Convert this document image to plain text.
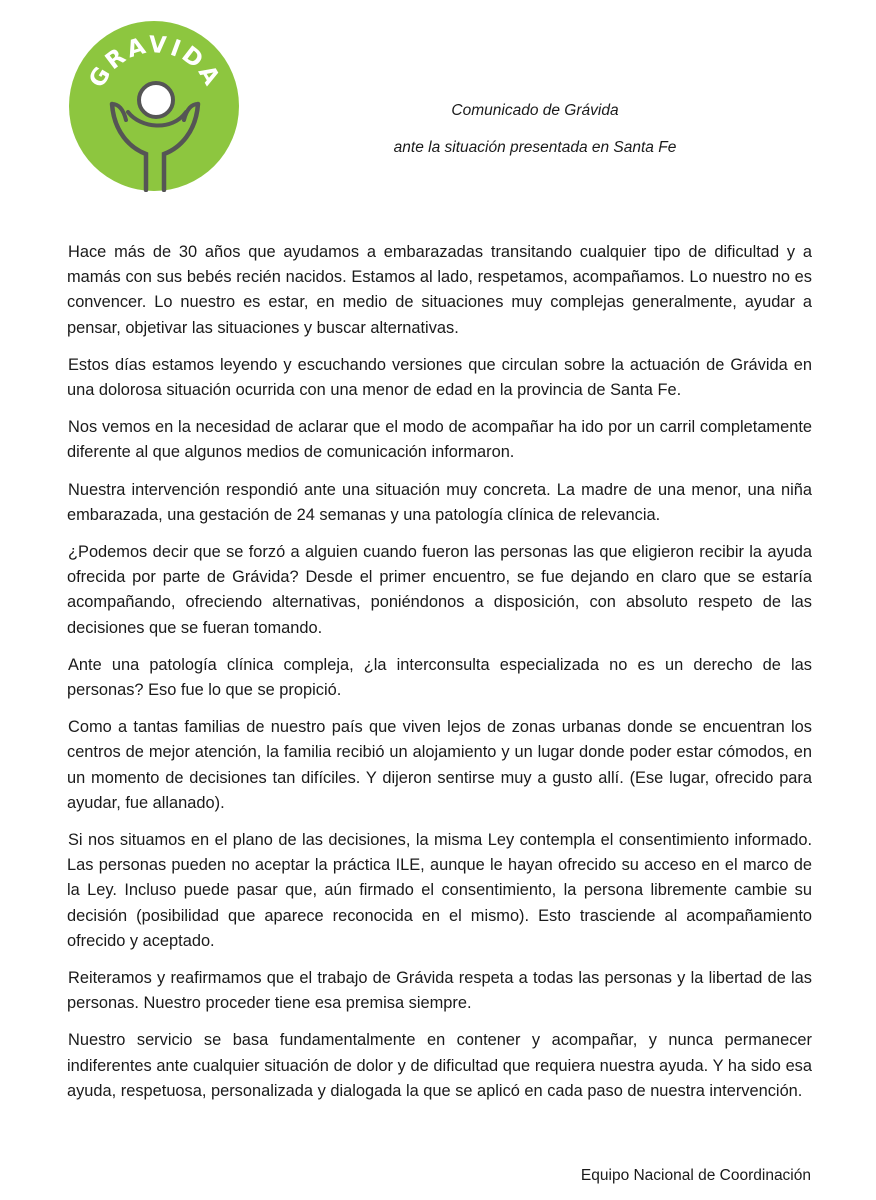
GRAVIDA
Comunicado de Grávida
ante la situación presentada en Santa Fe

Hace más de 30 años que ayudamos a embarazadas transitando cualquier tipo de dificultad y a mamás con sus bebés recién nacidos. Estamos al lado, respetamos, acompañamos. Lo nuestro no es convencer. Lo nuestro es estar, en medio de situaciones muy complejas generalmente, ayudar a pensar, objetivar las situaciones y buscar alternativas.

Estos días estamos leyendo y escuchando versiones que circulan sobre la actuación de Grávida en una dolorosa situación ocurrida con una menor de edad en la provincia de Santa Fe.

Nos vemos en la necesidad de aclarar que el modo de acompañar ha ido por un carril completamente diferente al que algunos medios de comunicación informaron.

Nuestra intervención respondió ante una situación muy concreta. La madre de una menor, una niña embarazada, una gestación de 24 semanas y una patología clínica de relevancia.

¿Podemos decir que se forzó a alguien cuando fueron las personas las que eligieron recibir la ayuda ofrecida por parte de Grávida? Desde el primer encuentro, se fue dejando en claro que se estaría acompañando, ofreciendo alternativas, poniéndonos a disposición, con absoluto respeto de las decisiones que se fueran tomando.

Ante una patología clínica compleja, ¿la interconsulta especializada no es un derecho de las personas? Eso fue lo que se propició.

Como a tantas familias de nuestro país que viven lejos de zonas urbanas donde se encuentran los centros de mejor atención, la familia recibió un alojamiento y un lugar donde poder estar cómodos, en un momento de decisiones tan difíciles. Y dijeron sentirse muy a gusto allí. (Ese lugar, ofrecido para ayudar, fue allanado).

Si nos situamos en el plano de las decisiones, la misma Ley contempla el consentimiento informado. Las personas pueden no aceptar la práctica ILE, aunque le hayan ofrecido su acceso en el marco de la Ley. Incluso puede pasar que, aún firmado el consentimiento, la persona libremente cambie su decisión (posibilidad que aparece reconocida en el mismo). Esto trasciende al acompañamiento ofrecido y aceptado.

Reiteramos y reafirmamos que el trabajo de Grávida respeta a todas las personas y la libertad de las personas. Nuestro proceder tiene esa premisa siempre.

Nuestro servicio se basa fundamentalmente en contener y acompañar, y nunca permanecer indiferentes ante cualquier situación de dolor y de dificultad que requiera nuestra ayuda. Y ha sido esa ayuda, respetuosa, personalizada y dialogada la que se aplicó en cada paso de nuestra intervención.

Equipo Nacional de Coordinación
